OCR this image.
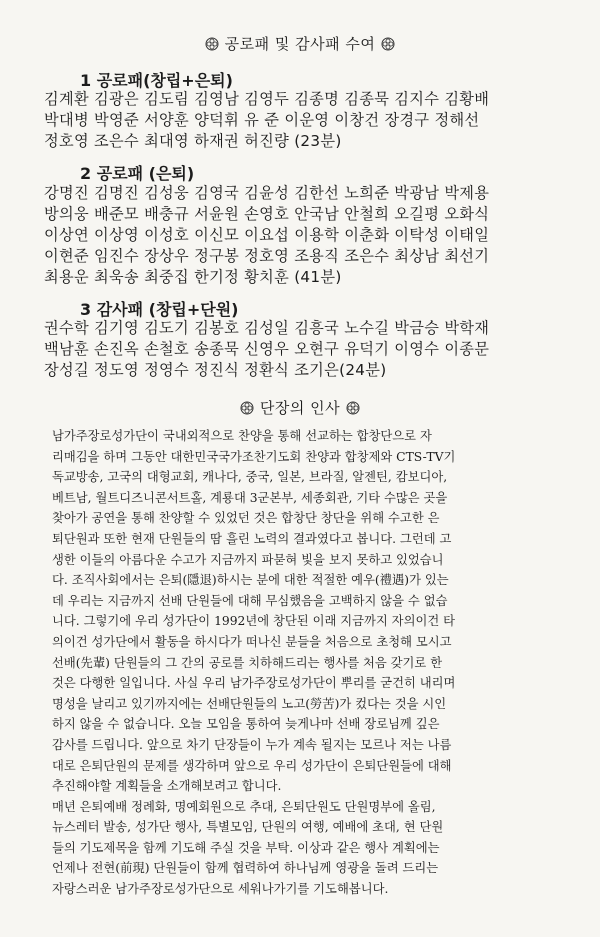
공로패 및 감사패 수여
1 공로패(창립+은퇴)
김계환 김광은 김도림 김영남 김영두 김종명 김종묵 김지수 김황배
박대병 박영준 서양훈 양덕휘 유 준 이운영 이창건 장경구 정해선
정호영 조은수 최대영 하재권 허진량 (23분)
2 공로패 (은퇴)
강명진 김명진 김성웅 김영국 김윤성 김한선 노희준 박광남 박제용
방의웅 배준모 배충규 서윤원 손영호 안국남 안철희 오길평 오화식
이상연 이상영 이성호 이신모 이요섭 이용학 이춘화 이탁성 이태일
이현준 임진수 장상우 정구봉 정호영 조용직 조은수 최상남 최선기
최용운 최욱송 최중집 한기정 황치훈 (41분)
3 감사패 (창립+단원)
권수학 김기영 김도기 김봉호 김성일 김흥국 노수길 박금승 박학재
백남훈 손진옥 손철호 송종묵 신영우 오현구 유덕기 이영수 이종문
장성길 정도영 정영수 정진식 정환식 조기은(24분)
단장의 인사
남가주장로성가단이 국내외적으로 찬양을 통해 선교하는 합창단으로 자
리매김을 하며 그동안 대한민국국가조찬기도회 찬양과 합창제와 CTS-TV기
독교방송, 고국의 대형교회, 캐나다, 중국, 일본, 브라질, 알젠틴, 캄보디아,
베트남, 월트디즈니콘서트홀, 계룡대 3군본부, 세종회관, 기타 수많은 곳을
찾아가 공연을 통해 찬양할 수 있었던 것은 합창단 창단을 위해 수고한 은
퇴단원과 또한 현재 단원들의 땀 흘린 노력의 결과였다고 봅니다. 그런데 고
생한 이들의 아름다운 수고가 지금까지 파묻혀 빛을 보지 못하고 있었습니
다. 조직사회에서는 은퇴(隱退)하시는 분에 대한 적절한 예우(禮遇)가 있는
데 우리는 지금까지 선배 단원들에 대해 무심했음을 고백하지 않을 수 없습
니다. 그렇기에 우리 성가단이 1992년에 창단된 이래 지금까지 자의이건 타
의이건 성가단에서 활동을 하시다가 떠나신 분들을 처음으로 초청해 모시고
선배(先輩) 단원들의 그 간의 공로를 치하해드리는 행사를 처음 갖기로 한
것은 다행한 일입니다. 사실 우리 남가주장로성가단이 뿌리를 굳건히 내리며
명성을 날리고 있기까지에는 선배단원들의 노고(勞苦)가 컸다는 것을 시인
하지 않을 수 없습니다. 오늘 모임을 통하여 늦게나마 선배 장로님께 깊은
감사를 드립니다. 앞으로 차기 단장들이 누가 계속 될지는 모르나 저는 나름
대로 은퇴단원의 문제를 생각하며 앞으로 우리 성가단이 은퇴단원들에 대해
추진해야할 계획들을 소개해보려고 합니다.
매년 은퇴예배 정례화, 명예회원으로 추대, 은퇴단원도 단원명부에 올림,
뉴스레터 발송, 성가단 행사, 특별모임, 단원의 여행, 예배에 초대, 현 단원
들의 기도제목을 함께 기도해 주실 것을 부탁. 이상과 같은 행사 계획에는
언제나 전현(前現) 단원들이 함께 협력하여 하나님께 영광을 돌려 드리는
자랑스러운 남가주장로성가단으로 세워나가기를 기도해봅니다.
